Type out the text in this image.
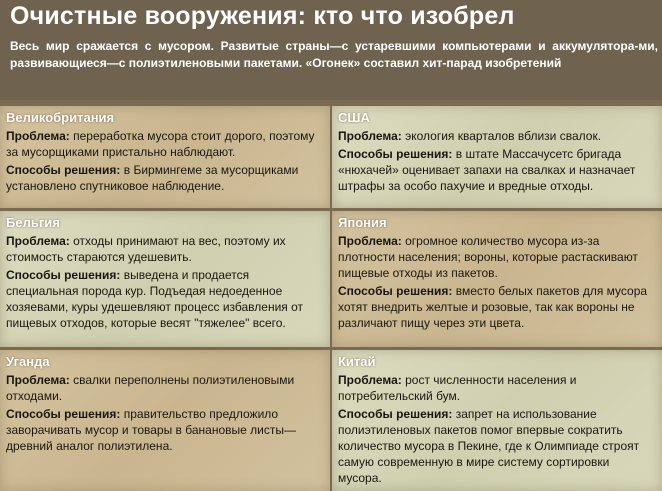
Очистные вооружения: кто что изобрел
Весь мир сражается с мусором. Развитые страны—с устаревшими компьютерами и аккумулятора-ми, развивающиеся—с полиэтиленовыми пакетами. «Огонек» составил хит-парад изобретений
Великобритания

Проблема: переработка мусора стоит дорого, поэтому за мусорщиками пристально наблюдают.

Способы решения: в Бирмингеме за мусорщиками установлено спутниковое наблюдение.

США

Проблема: экология кварталов вблизи свалок.

Способы решения: в штате Массачусетс бригада «нюхачей» оценивает запахи на свалках и назначает штрафы за особо пахучие и вредные отходы.

Бельгия

Проблема: отходы принимают на вес, поэтому их стоимость стараются удешевить.

Способы решения: выведена и продается специальная порода кур. Подъедая недоеденное хозяевами, куры удешевляют процесс избавления от пищевых отходов, которые весят "тяжелее" всего.

Япония

Проблема: огромное количество мусора из-за плотности населения; вороны, которые растаскивают пищевые отходы из пакетов.

Способы решения: вместо белых пакетов для мусора хотят внедрить желтые и розовые, так как вороны не различают пищу через эти цвета.

Уганда

Проблема: свалки переполнены полиэтиленовыми отходами.

Способы решения: правительство предложило заворачивать мусор и товары в банановые листы—древний аналог полиэтилена.

Китай

Проблема: рост численности населения и потребительский бум.

Способы решения: запрет на использование полиэтиленовых пакетов помог впервые сократить количество мусора в Пекине, где к Олимпиаде строят самую современную в мире систему сортировки мусора.
